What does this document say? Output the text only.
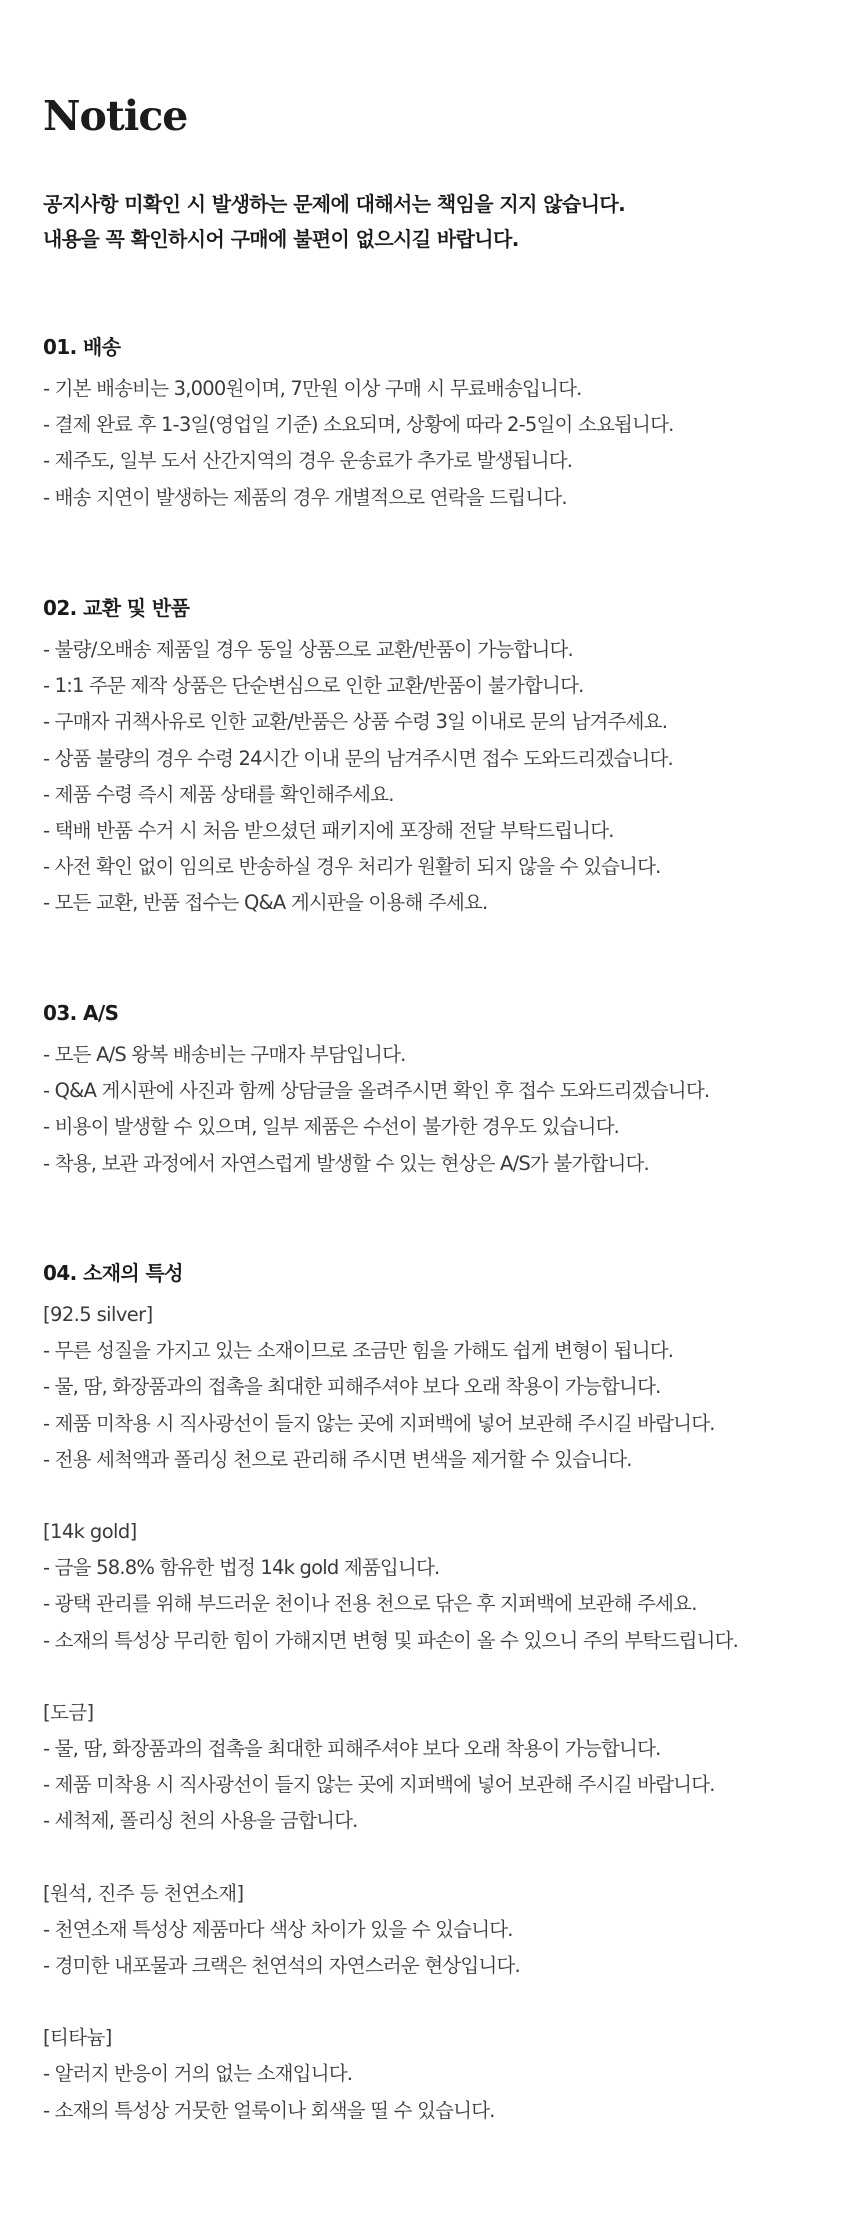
Notice
공지사항 미확인 시 발생하는 문제에 대해서는 책임을 지지 않습니다.
내용을 꼭 확인하시어 구매에 불편이 없으시길 바랍니다.
01. 배송
- 기본 배송비는 3,000원이며, 7만원 이상 구매 시 무료배송입니다.
- 결제 완료 후 1-3일(영업일 기준) 소요되며, 상황에 따라 2-5일이 소요됩니다.
- 제주도, 일부 도서 산간지역의 경우 운송료가 추가로 발생됩니다.
- 배송 지연이 발생하는 제품의 경우 개별적으로 연락을 드립니다.
02. 교환 및 반품
- 불량/오배송 제품일 경우 동일 상품으로 교환/반품이 가능합니다.
- 1:1 주문 제작 상품은 단순변심으로 인한 교환/반품이 불가합니다.
- 구매자 귀책사유로 인한 교환/반품은 상품 수령 3일 이내로 문의 남겨주세요.
- 상품 불량의 경우 수령 24시간 이내 문의 남겨주시면 접수 도와드리겠습니다.
- 제품 수령 즉시 제품 상태를 확인해주세요.
- 택배 반품 수거 시 처음 받으셨던 패키지에 포장해 전달 부탁드립니다.
- 사전 확인 없이 임의로 반송하실 경우 처리가 원활히 되지 않을 수 있습니다.
- 모든 교환, 반품 접수는 Q&A 게시판을 이용해 주세요.
03. A/S
- 모든 A/S 왕복 배송비는 구매자 부담입니다.
- Q&A 게시판에 사진과 함께 상담글을 올려주시면 확인 후 접수 도와드리겠습니다.
- 비용이 발생할 수 있으며, 일부 제품은 수선이 불가한 경우도 있습니다.
- 착용, 보관 과정에서 자연스럽게 발생할 수 있는 현상은 A/S가 불가합니다.
04. 소재의 특성
[92.5 silver]
- 무른 성질을 가지고 있는 소재이므로 조금만 힘을 가해도 쉽게 변형이 됩니다.
- 물, 땀, 화장품과의 접촉을 최대한 피해주셔야 보다 오래 착용이 가능합니다.
- 제품 미착용 시 직사광선이 들지 않는 곳에 지퍼백에 넣어 보관해 주시길 바랍니다.
- 전용 세척액과 폴리싱 천으로 관리해 주시면 변색을 제거할 수 있습니다.
[14k gold]
- 금을 58.8% 함유한 법정 14k gold 제품입니다.
- 광택 관리를 위해 부드러운 천이나 전용 천으로 닦은 후 지퍼백에 보관해 주세요.
- 소재의 특성상 무리한 힘이 가해지면 변형 및 파손이 올 수 있으니 주의 부탁드립니다.
[도금]
- 물, 땀, 화장품과의 접촉을 최대한 피해주셔야 보다 오래 착용이 가능합니다.
- 제품 미착용 시 직사광선이 들지 않는 곳에 지퍼백에 넣어 보관해 주시길 바랍니다.
- 세척제, 폴리싱 천의 사용을 금합니다.
[원석, 진주 등 천연소재]
- 천연소재 특성상 제품마다 색상 차이가 있을 수 있습니다.
- 경미한 내포물과 크랙은 천연석의 자연스러운 현상입니다.
[티타늄]
- 알러지 반응이 거의 없는 소재입니다.
- 소재의 특성상 거뭇한 얼룩이나 회색을 띨 수 있습니다.
